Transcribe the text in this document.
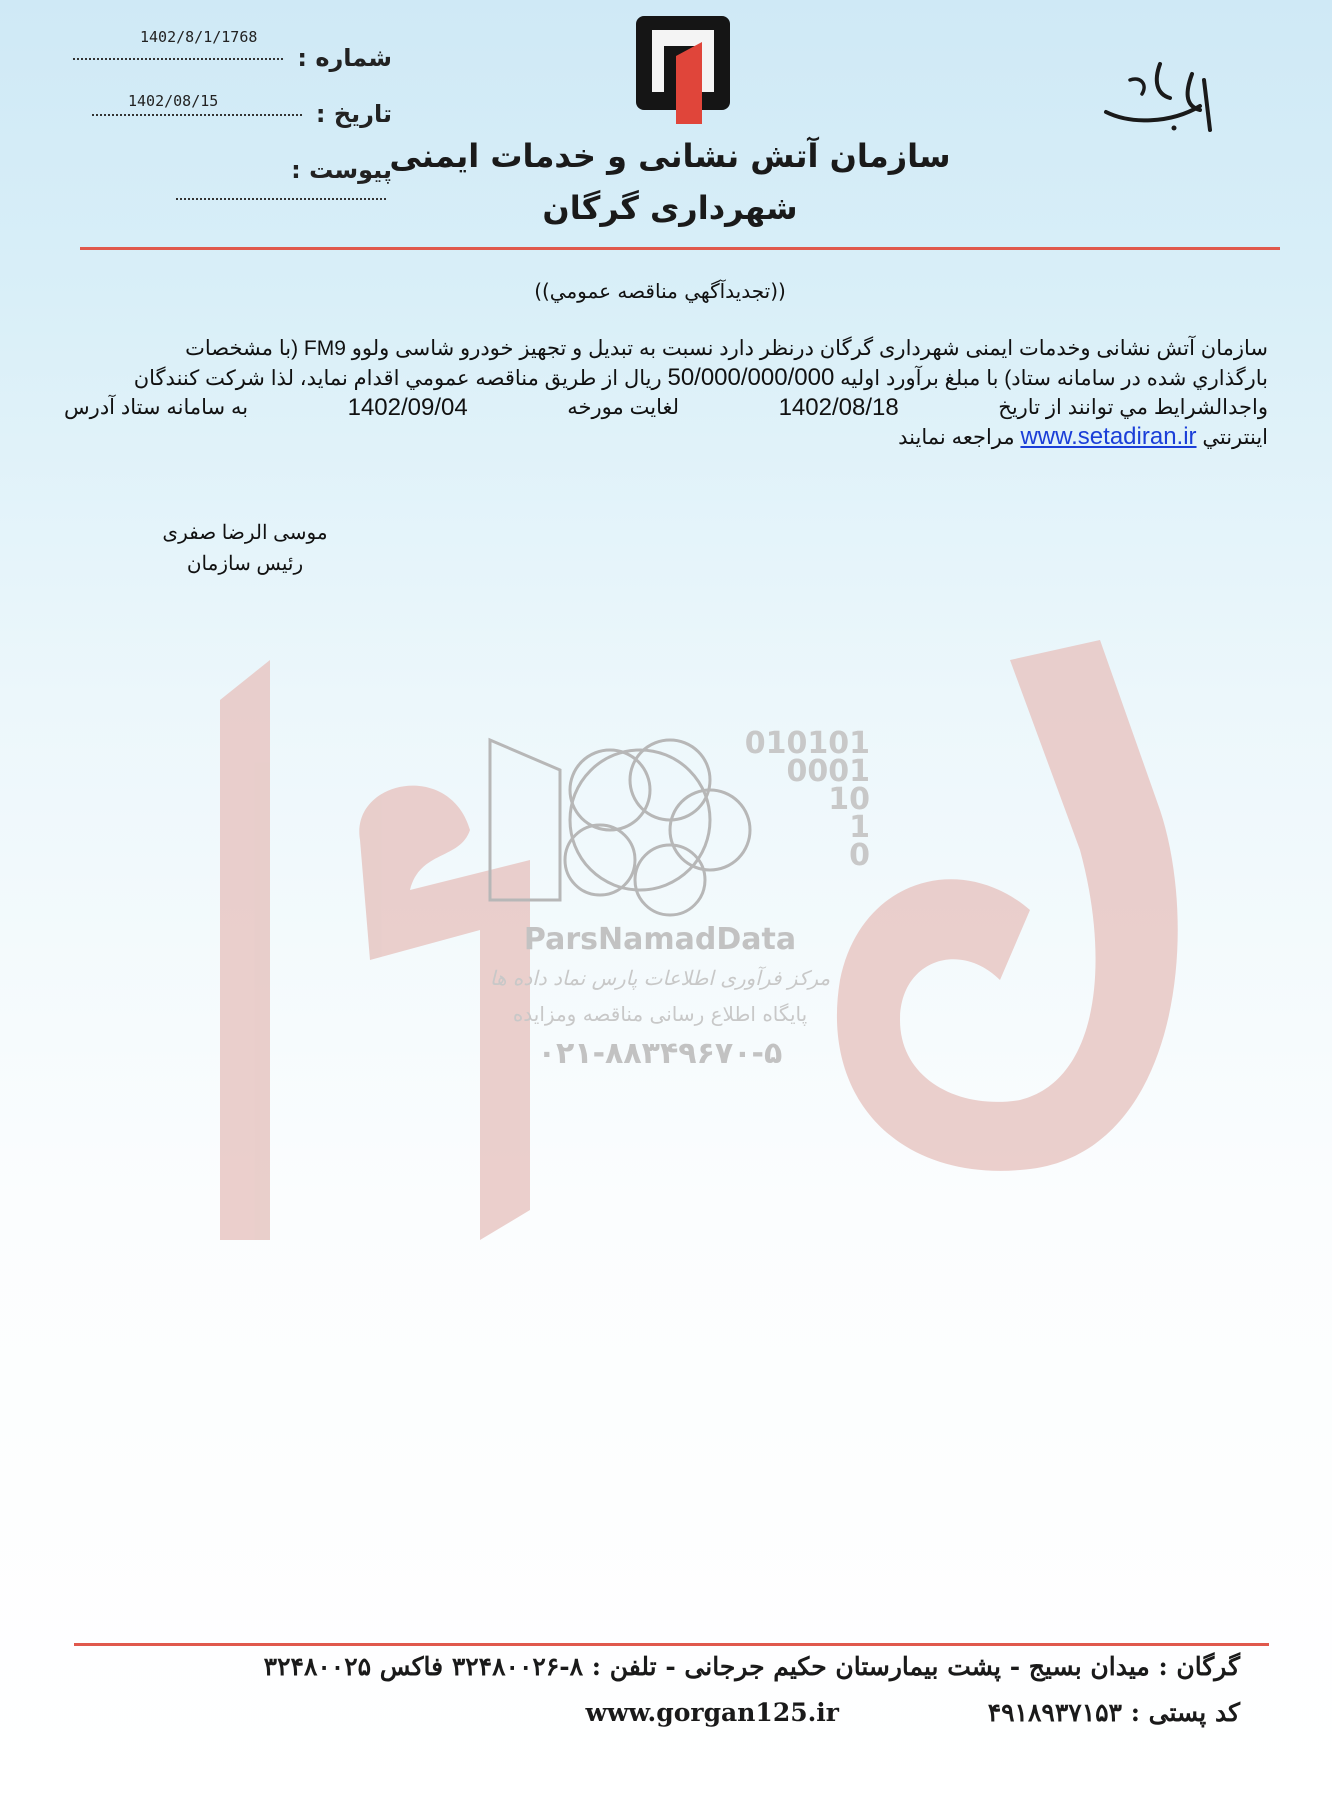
سازمان آتش نشانی و خدمات ایمنی
شهرداری گرگان
شماره :
1402/8/1/1768
تاریخ :
1402/08/15
پیوست :
010101
0001
10
1
0
ParsNamadData
مرکز فرآوری اطلاعات پارس نماد داده ها
پایگاه اطلاع رسانی مناقصه ومزایده
۰۲۱-۸۸۳۴۹۶۷۰-۵
((تجديدآگهي مناقصه عمومي))
سازمان آتش نشانی وخدمات ایمنی شهرداری گرگان درنظر دارد نسبت به تبدیل و تجهیز خودرو شاسی ولوو FM9 (با مشخصات
بارگذاري شده در سامانه ستاد) با مبلغ برآورد اولیه 50/000/000/000 ریال از طريق مناقصه عمومي اقدام نمايد، لذا شرکت کنندگان
واجدالشرایط مي توانند از تاریخ
1402/08/18
لغایت مورخه
1402/09/04
به سامانه ستاد آدرس
اینترنتي www.setadiran.ir مراجعه نمایند
موسی الرضا صفری
رئیس سازمان
گرگان : میدان بسیج - پشت بیمارستان حکیم جرجانی - تلفن : ۸-۳۲۴۸۰۰۲۶ فاکس ۳۲۴۸۰۰۲۵
کد پستی : ۴۹۱۸۹۳۷۱۵۳ www.gorgan125.ir
